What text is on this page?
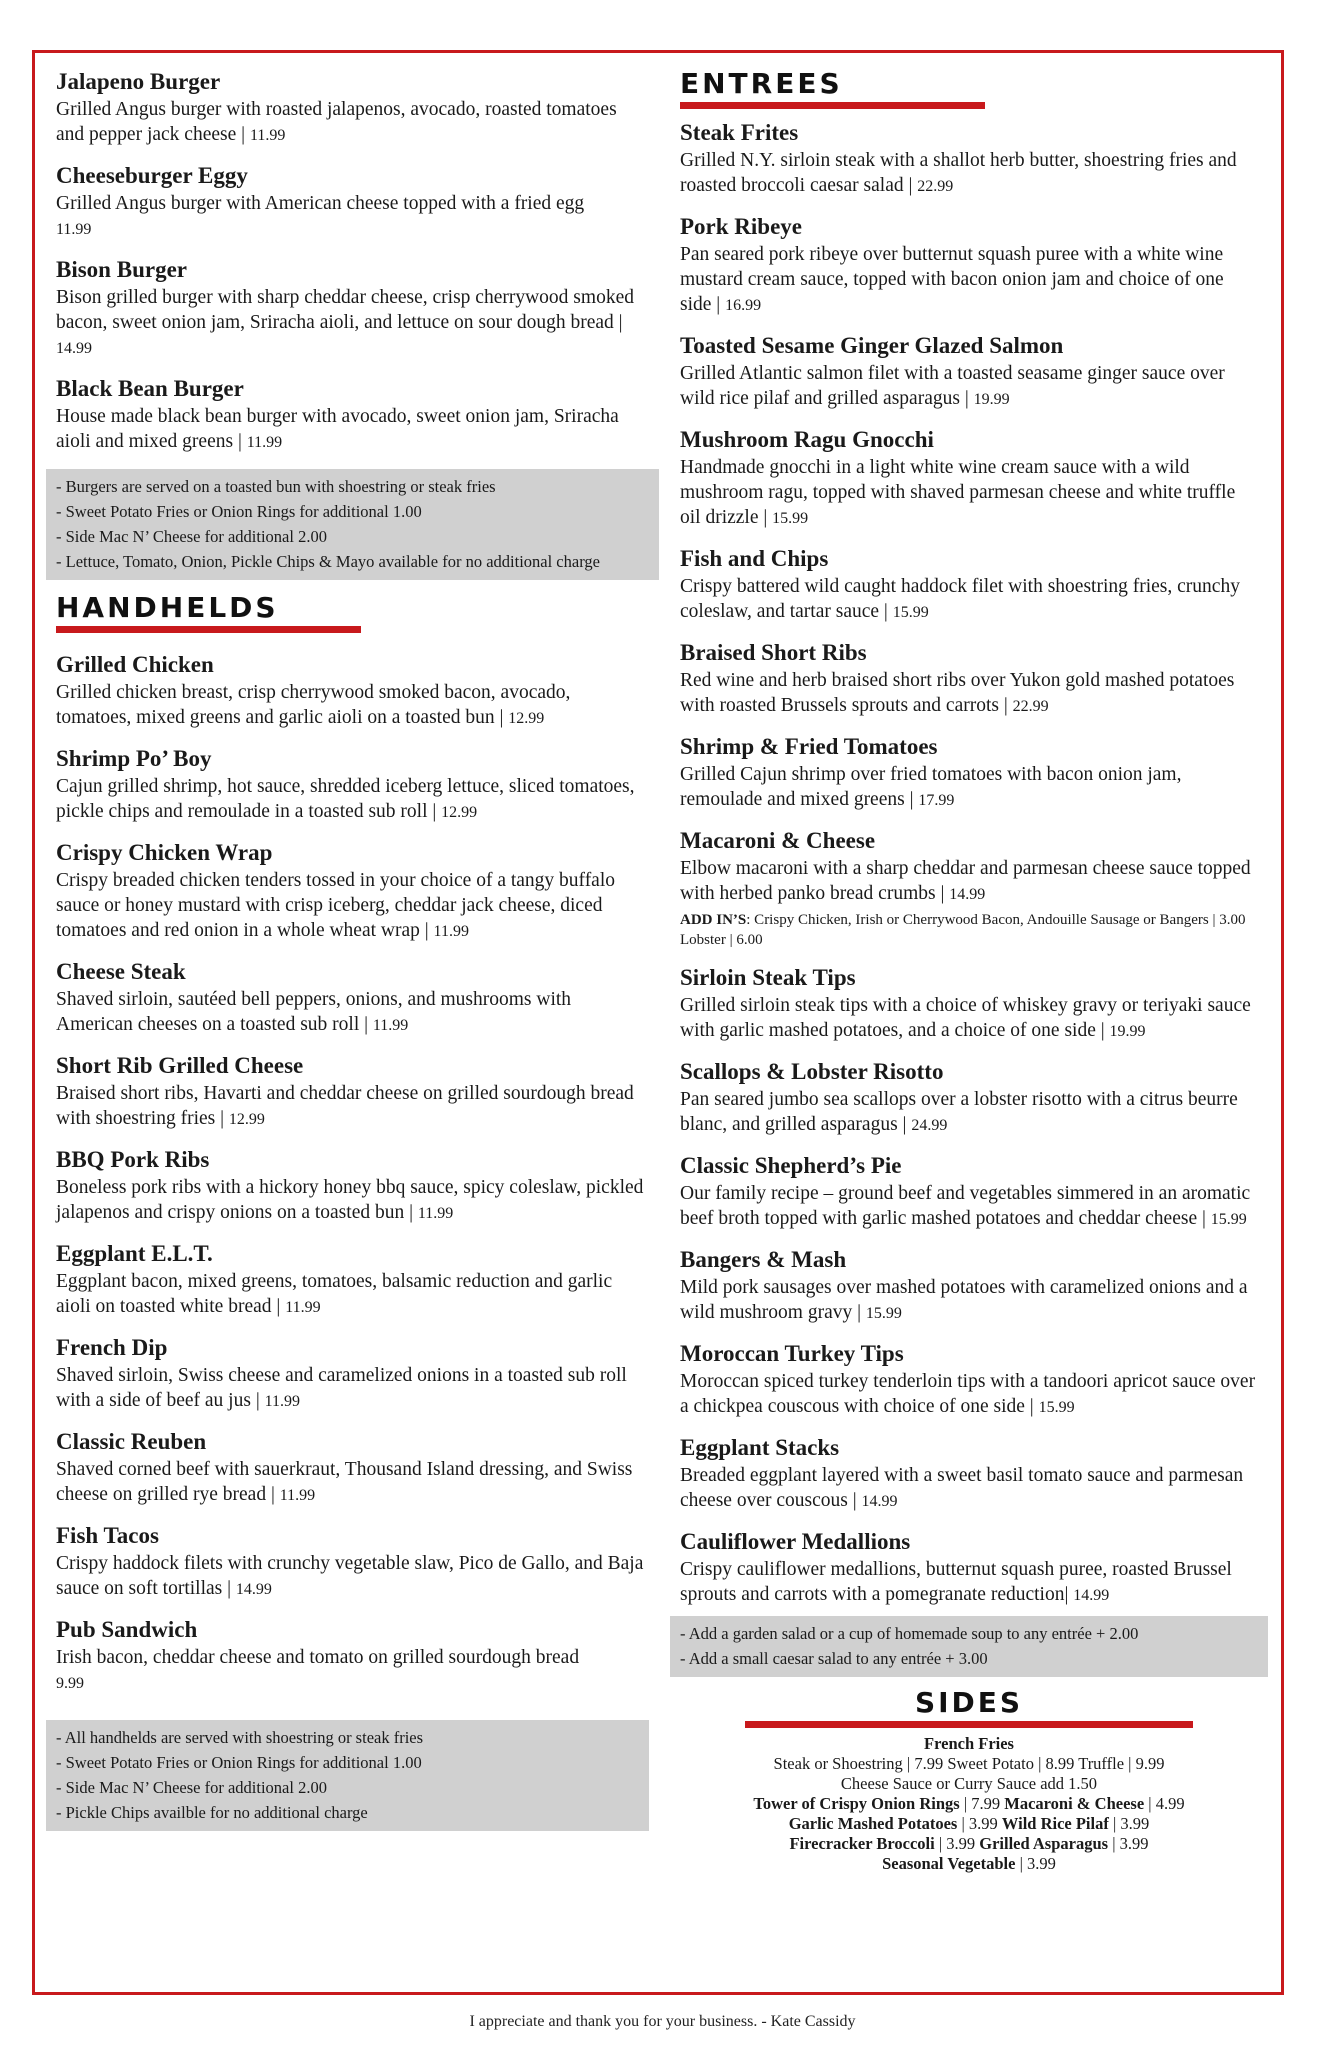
Jalapeno Burger
Grilled Angus burger with roasted jalapenos, avocado, roasted tomatoes and pepper jack cheese | 11.99
Cheeseburger Eggy
Grilled Angus burger with American cheese topped with a fried egg
11.99
Bison Burger
Bison grilled burger with sharp cheddar cheese, crisp cherrywood smoked bacon, sweet onion jam, Sriracha aioli, and lettuce on sour dough bread | 14.99
Black Bean Burger
House made black bean burger with avocado, sweet onion jam, Sriracha aioli and mixed greens | 11.99
- Burgers are served on a toasted bun with shoestring or steak fries
- Sweet Potato Fries or Onion Rings for additional 1.00
- Side Mac N’ Cheese for additional 2.00
- Lettuce, Tomato, Onion, Pickle Chips & Mayo available for no additional charge
HANDHELDS
Grilled Chicken
Grilled chicken breast, crisp cherrywood smoked bacon, avocado, tomatoes, mixed greens and garlic aioli on a toasted bun | 12.99
Shrimp Po’ Boy
Cajun grilled shrimp, hot sauce, shredded iceberg lettuce, sliced tomatoes, pickle chips and remoulade in a toasted sub roll | 12.99
Crispy Chicken Wrap
Crispy breaded chicken tenders tossed in your choice of a tangy buffalo sauce or honey mustard with crisp iceberg, cheddar jack cheese, diced tomatoes and red onion in a whole wheat wrap | 11.99
Cheese Steak
Shaved sirloin, sautéed bell peppers, onions, and mushrooms with American cheeses on a toasted sub roll | 11.99
Short Rib Grilled Cheese
Braised short ribs, Havarti and cheddar cheese on grilled sourdough bread with shoestring fries | 12.99
BBQ Pork Ribs
Boneless pork ribs with a hickory honey bbq sauce, spicy coleslaw, pickled jalapenos and crispy onions on a toasted bun | 11.99
Eggplant E.L.T.
Eggplant bacon, mixed greens, tomatoes, balsamic reduction and garlic aioli on toasted white bread | 11.99
French Dip
Shaved sirloin, Swiss cheese and caramelized onions in a toasted sub roll with a side of beef au jus | 11.99
Classic Reuben
Shaved corned beef with sauerkraut, Thousand Island dressing, and Swiss cheese on grilled rye bread | 11.99
Fish Tacos
Crispy haddock filets with crunchy vegetable slaw, Pico de Gallo, and Baja sauce on soft tortillas | 14.99
Pub Sandwich
Irish bacon, cheddar cheese and tomato on grilled sourdough bread
9.99
- All handhelds are served with shoestring or steak fries
- Sweet Potato Fries or Onion Rings for additional 1.00
- Side Mac N’ Cheese for additional 2.00
- Pickle Chips availble for no additional charge
ENTREES
Steak Frites
Grilled N.Y. sirloin steak with a shallot herb butter, shoestring fries and roasted broccoli caesar salad | 22.99
Pork Ribeye
Pan seared pork ribeye over butternut squash puree with a white wine mustard cream sauce, topped with bacon onion jam and choice of one side | 16.99
Toasted Sesame Ginger Glazed Salmon
Grilled Atlantic salmon filet with a toasted seasame ginger sauce over wild rice pilaf and grilled asparagus | 19.99
Mushroom Ragu Gnocchi
Handmade gnocchi in a light white wine cream sauce with a wild mushroom ragu, topped with shaved parmesan cheese and white truffle oil drizzle | 15.99
Fish and Chips
Crispy battered wild caught haddock filet with shoestring fries, crunchy coleslaw, and tartar sauce | 15.99
Braised Short Ribs
Red wine and herb braised short ribs over Yukon gold mashed potatoes with roasted Brussels sprouts and carrots | 22.99
Shrimp & Fried Tomatoes
Grilled Cajun shrimp over fried tomatoes with bacon onion jam, remoulade and mixed greens | 17.99
Macaroni & Cheese
Elbow macaroni with a sharp cheddar and parmesan cheese sauce topped with herbed panko bread crumbs | 14.99
ADD IN’S: Crispy Chicken, Irish or Cherrywood Bacon, Andouille Sausage or Bangers | 3.00 Lobster | 6.00
Sirloin Steak Tips
Grilled sirloin steak tips with a choice of whiskey gravy or teriyaki sauce with garlic mashed potatoes, and a choice of one side | 19.99
Scallops & Lobster Risotto
Pan seared jumbo sea scallops over a lobster risotto with a citrus beurre blanc, and grilled asparagus | 24.99
Classic Shepherd’s Pie
Our family recipe – ground beef and vegetables simmered in an aromatic beef broth topped with garlic mashed potatoes and cheddar cheese | 15.99
Bangers & Mash
Mild pork sausages over mashed potatoes with caramelized onions and a wild mushroom gravy | 15.99
Moroccan Turkey Tips
Moroccan spiced turkey tenderloin tips with a tandoori apricot sauce over a chickpea couscous with choice of one side | 15.99
Eggplant Stacks
Breaded eggplant layered with a sweet basil tomato sauce and parmesan cheese over couscous | 14.99
Cauliflower Medallions
Crispy cauliflower medallions, butternut squash puree, roasted Brussel sprouts and carrots with a pomegranate reduction| 14.99
- Add a garden salad or a cup of homemade soup to any entrée + 2.00
- Add a small caesar salad to any entrée + 3.00
SIDES
French Fries
Steak or Shoestring | 7.99 Sweet Potato | 8.99 Truffle | 9.99
Cheese Sauce or Curry Sauce add 1.50
Tower of Crispy Onion Rings | 7.99 Macaroni & Cheese | 4.99
Garlic Mashed Potatoes | 3.99 Wild Rice Pilaf | 3.99
Firecracker Broccoli | 3.99 Grilled Asparagus | 3.99
Seasonal Vegetable | 3.99
I appreciate and thank you for your business. - Kate Cassidy
